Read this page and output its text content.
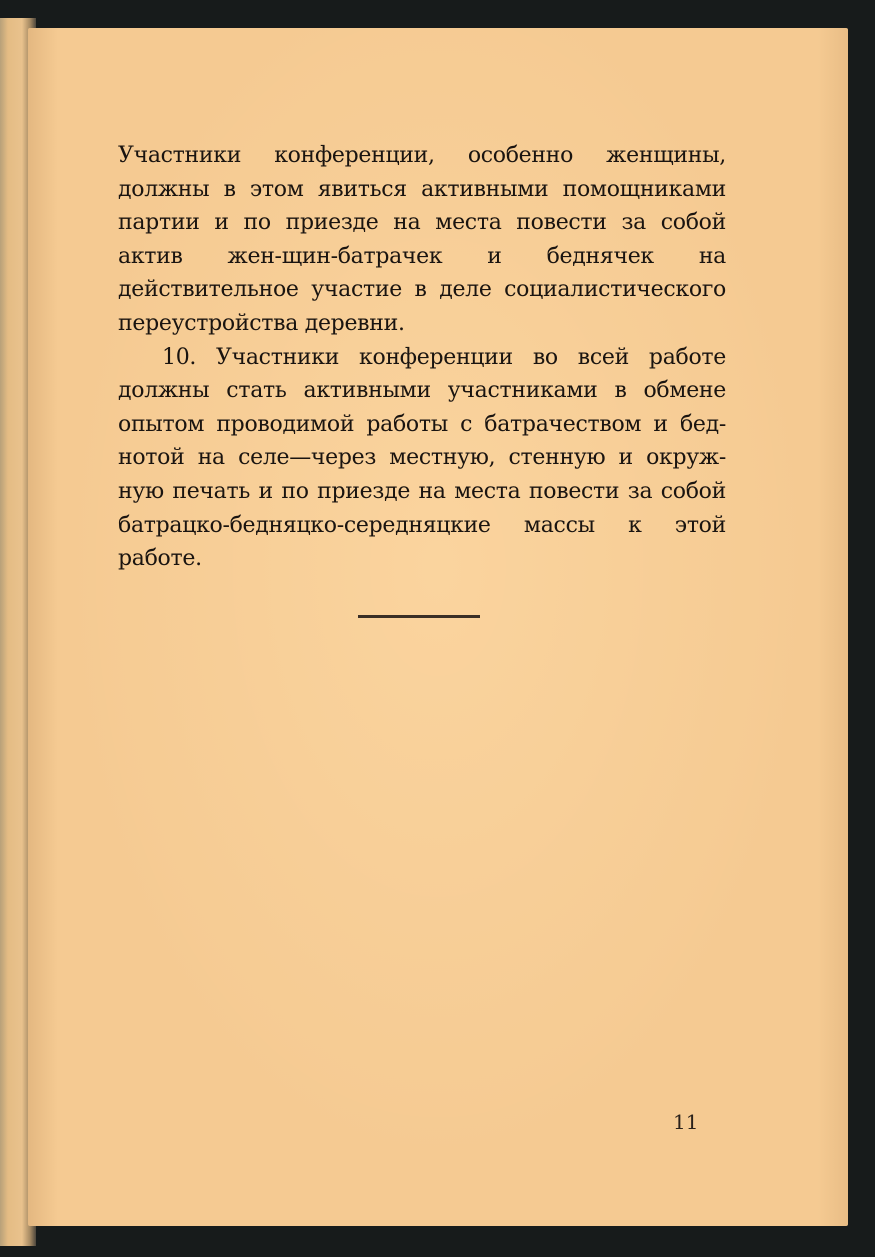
Участники конференции, особенно женщины, должны в этом явиться активными помощниками партии и по приезде на места повести за собой актив жен-щин-батрачек и беднячек на действительное участие в деле социалистического переустройства деревни.

10. Участники конференции во всей работе должны стать активными участниками в обмене опытом проводимой работы с батрачеством и бед-нотой на селе—через местную, стенную и окруж-ную печать и по приезде на места повести за собой батрацко-бедняцко-середняцкие массы к этой работе.

11
